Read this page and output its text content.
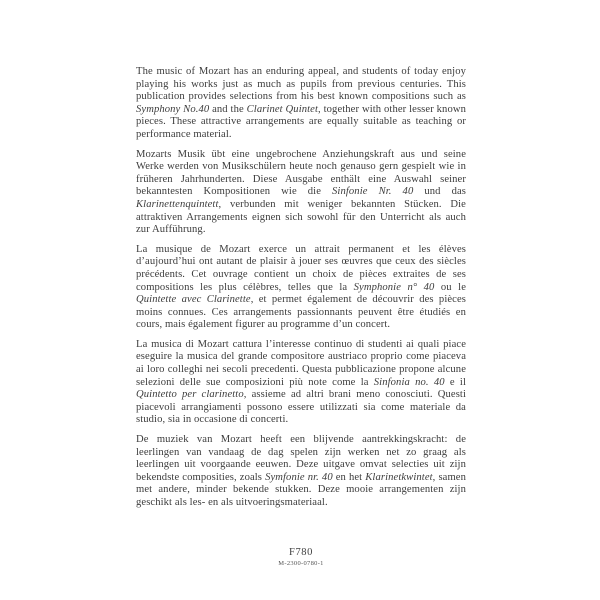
The music of Mozart has an enduring appeal, and students of today enjoy playing his works just as much as pupils from previous centuries. This publication provides selections from his best known compositions such as Symphony No.40 and the Clarinet Quintet, together with other lesser known pieces. These attractive arrangements are equally suitable as teaching or performance material.

Mozarts Musik übt eine ungebrochene Anziehungskraft aus und seine Werke werden von Musikschülern heute noch genauso gern gespielt wie in früheren Jahrhunderten. Diese Ausgabe enthält eine Auswahl seiner bekanntesten Kompositionen wie die Sinfonie Nr. 40 und das Klarinettenquintett, verbunden mit weniger bekannten Stücken. Die attraktiven Arrangements eignen sich sowohl für den Unterricht als auch zur Aufführung.

La musique de Mozart exerce un attrait permanent et les élèves d’aujourd’hui ont autant de plaisir à jouer ses œuvres que ceux des siècles précédents. Cet ouvrage contient un choix de pièces extraites de ses compositions les plus célèbres, telles que la Symphonie n° 40 ou le Quintette avec Clarinette, et permet également de découvrir des pièces moins connues. Ces arrangements passionnants peuvent être étudiés en cours, mais également figurer au programme d’un concert.

La musica di Mozart cattura l’interesse continuo di studenti ai quali piace eseguire la musica del grande compositore austriaco proprio come piaceva ai loro colleghi nei secoli precedenti. Questa pubblicazione propone alcune selezioni delle sue composizioni più note come la Sinfonia no. 40 e il Quintetto per clarinetto, assieme ad altri brani meno conosciuti. Questi piacevoli arrangiamenti possono essere utilizzati sia come materiale da studio, sia in occasione di concerti.

De muziek van Mozart heeft een blijvende aantrekkingskracht: de leerlingen van vandaag de dag spelen zijn werken net zo graag als leerlingen uit voorgaande eeuwen. Deze uitgave omvat selecties uit zijn bekendste composities, zoals Symfonie nr. 40 en het Klarinetkwintet, samen met andere, minder bekende stukken. Deze mooie arrangementen zijn geschikt als les- en als uitvoeringsmateriaal.

F780
M-2300-0780-1
